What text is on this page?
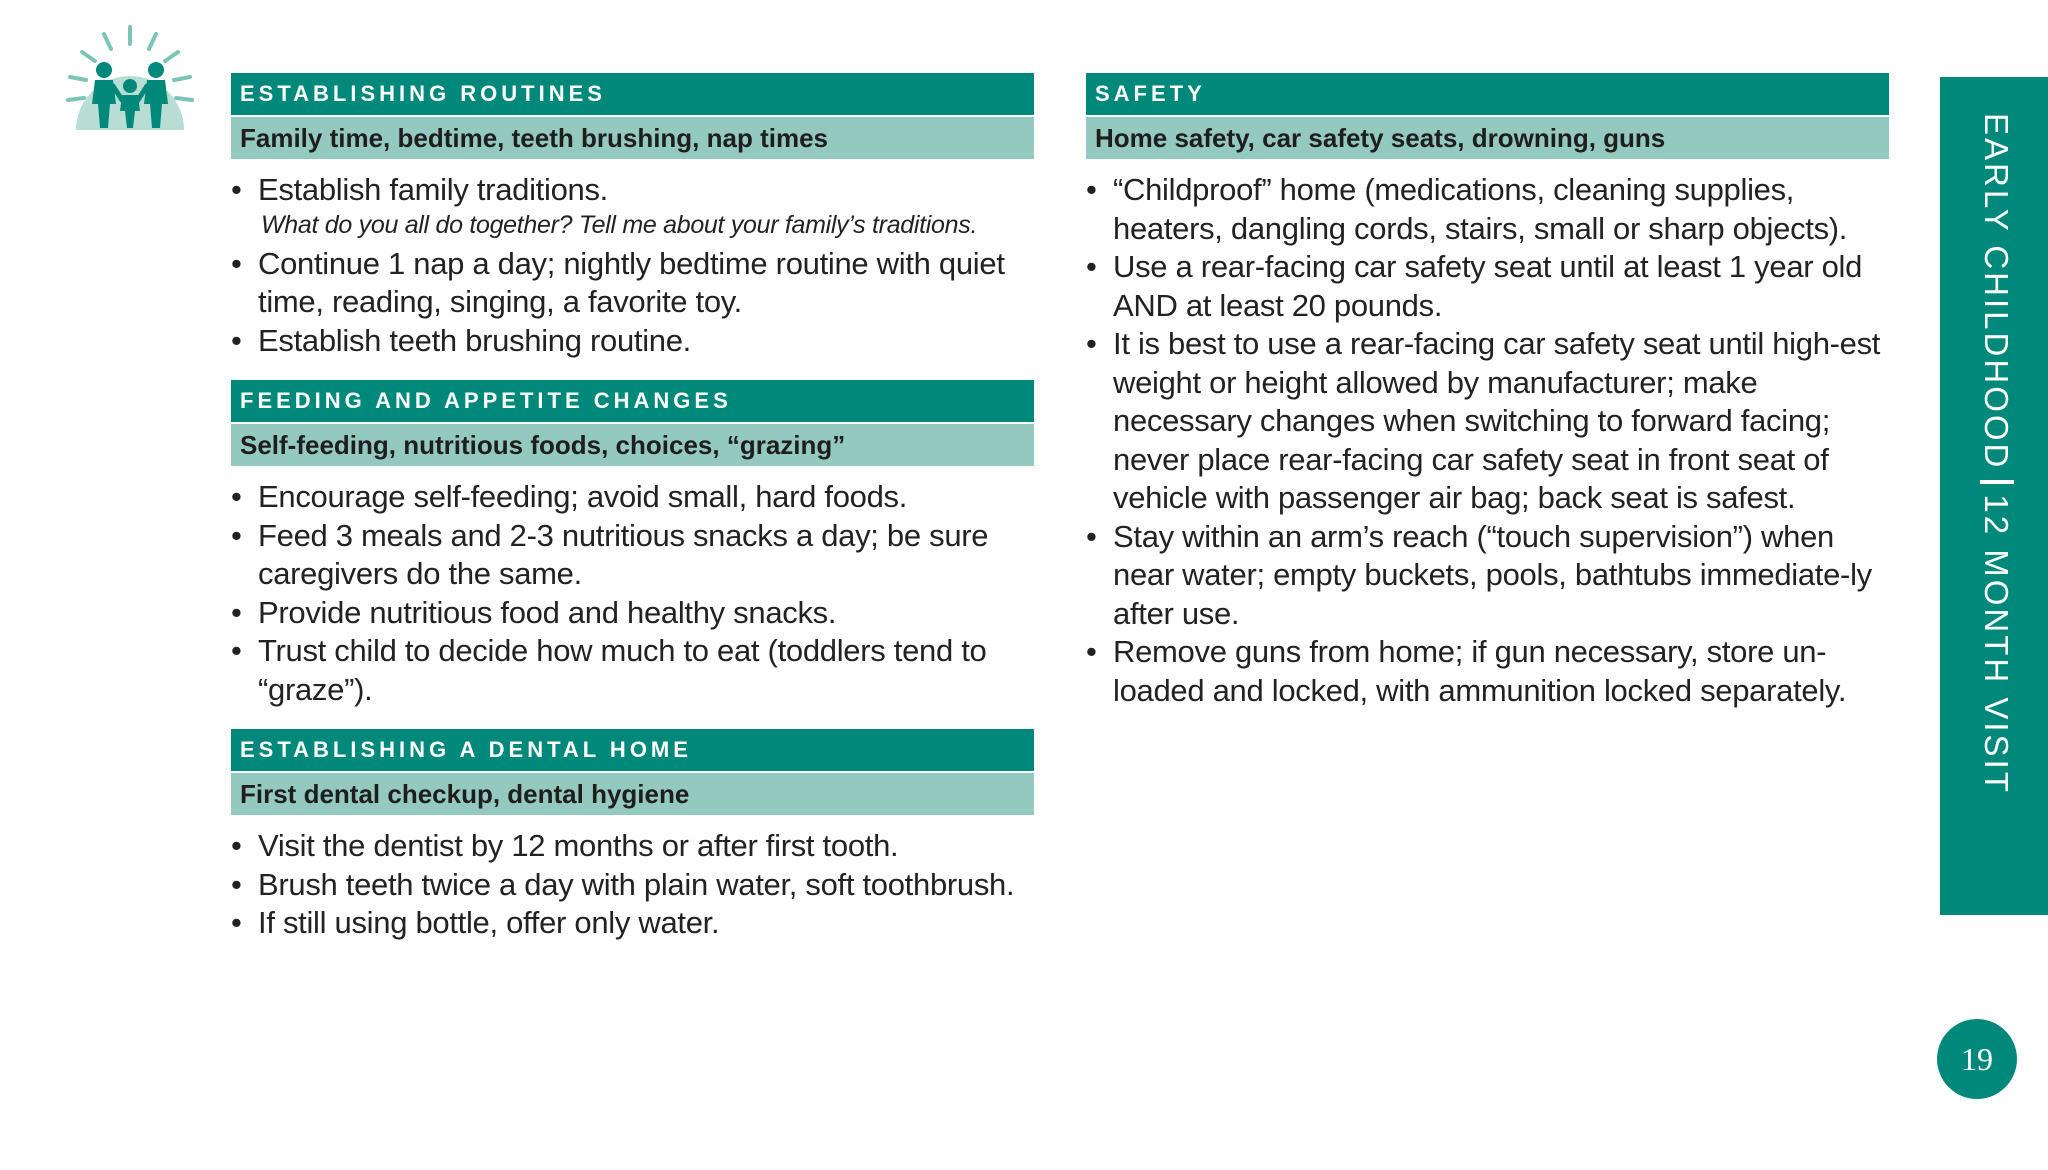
ESTABLISHING ROUTINES
Family time, bedtime, teeth brushing, nap times
• Establish family traditions.
What do you all do together? Tell me about your family’s traditions.
• Continue 1 nap a day; nightly bedtime routine with quiet time, reading, singing, a favorite toy.
• Establish teeth brushing routine.
FEEDING AND APPETITE CHANGES
Self-feeding, nutritious foods, choices, “grazing”
• Encourage self-feeding; avoid small, hard foods.
• Feed 3 meals and 2-3 nutritious snacks a day; be sure caregivers do the same.
• Provide nutritious food and healthy snacks.
• Trust child to decide how much to eat (toddlers tend to “graze”).
ESTABLISHING A DENTAL HOME
First dental checkup, dental hygiene
• Visit the dentist by 12 months or after first tooth.
• Brush teeth twice a day with plain water, soft toothbrush.
• If still using bottle, offer only water.
SAFETY
Home safety, car safety seats, drowning, guns
• “Childproof” home (medications, cleaning supplies, heaters, dangling cords, stairs, small or sharp objects).
• Use a rear-facing car safety seat until at least 1 year old AND at least 20 pounds.
• It is best to use a rear-facing car safety seat until high-est weight or height allowed by manufacturer; make necessary changes when switching to forward facing; never place rear-facing car safety seat in front seat of vehicle with passenger air bag; back seat is safest.
• Stay within an arm’s reach (“touch supervision”) when near water; empty buckets, pools, bathtubs immediate-ly after use.
• Remove guns from home; if gun necessary, store un-loaded and locked, with ammunition locked separately.
EARLY CHILDHOOD12 MONTH VISIT
19
